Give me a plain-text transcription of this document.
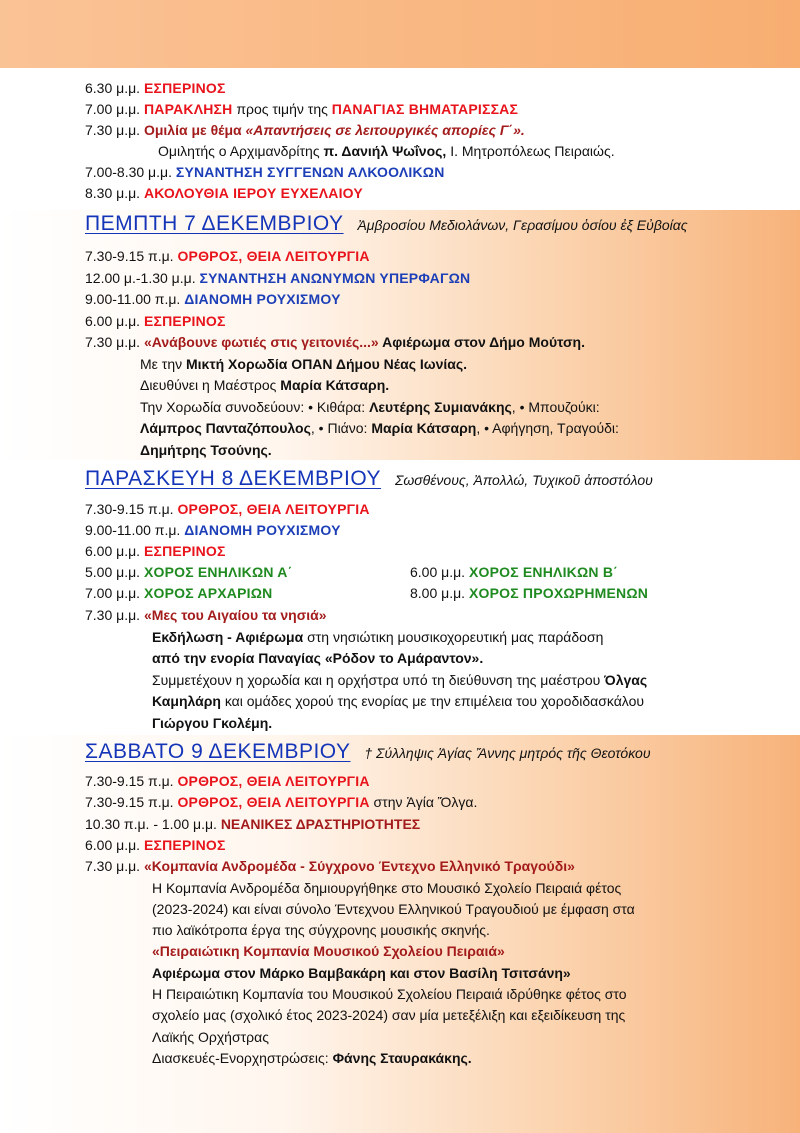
6.30 μ.μ. ΕΣΠΕΡΙΝΟΣ
7.00 μ.μ. ΠΑΡΑΚΛΗΣΗ προς τιμήν της ΠΑΝΑΓΙΑΣ ΒΗΜΑΤΑΡΙΣΣΑΣ
7.30 μ.μ. Ομιλία με θέμα «Απαντήσεις σε λειτουργικές απορίες Γ΄».
Ομιλητής ο Αρχιμανδρίτης π. Δανιήλ Ψωΐνος, Ι. Μητροπόλεως Πειραιώς.
7.00-8.30 μ.μ. ΣΥΝΑΝΤΗΣΗ ΣΥΓΓΕΝΩΝ ΑΛΚΟΟΛΙΚΩΝ
8.30 μ.μ. ΑΚΟΛΟΥΘΙΑ ΙΕΡΟΥ ΕΥΧΕΛΑΙΟΥ
ΠΕΜΠΤΗ 7 ΔΕΚΕΜΒΡΙΟΥ Ἀμβροσίου Μεδιολάνων, Γερασίμου ὁσίου ἐξ Εὐβοίας
7.30-9.15 π.μ. ΟΡΘΡΟΣ, ΘΕΙΑ ΛΕΙΤΟΥΡΓΙΑ
12.00 μ.-1.30 μ.μ. ΣΥΝΑΝΤΗΣΗ ΑΝΩΝΥΜΩΝ ΥΠΕΡΦΑΓΩΝ
9.00-11.00 π.μ. ΔΙΑΝΟΜΗ ΡΟΥΧΙΣΜΟΥ
6.00 μ.μ. ΕΣΠΕΡΙΝΟΣ
7.30 μ.μ. «Ανάβουνε φωτιές στις γειτονιές...» Αφιέρωμα στον Δήμο Μούτση.
Με την Μικτή Χορωδία ΟΠΑΝ Δήμου Νέας Ιωνίας.
Διευθύνει η Μαέστρος Μαρία Κάτσαρη.
Την Χορωδία συνοδεύουν: • Κιθάρα: Λευτέρης Συμιανάκης, • Μπουζούκι:
Λάμπρος Πανταζόπουλος, • Πιάνο: Μαρία Κάτσαρη, • Αφήγηση, Τραγούδι:
Δημήτρης Τσούνης.
ΠΑΡΑΣΚΕΥΗ 8 ΔΕΚΕΜΒΡΙΟΥ Σωσθένους, Ἀπολλώ, Τυχικοῦ ἀποστόλου
7.30-9.15 π.μ. ΟΡΘΡΟΣ, ΘΕΙΑ ΛΕΙΤΟΥΡΓΙΑ
9.00-11.00 π.μ. ΔΙΑΝΟΜΗ ΡΟΥΧΙΣΜΟΥ
6.00 μ.μ. ΕΣΠΕΡΙΝΟΣ
5.00 μ.μ. ΧΟΡΟΣ ΕΝΗΛΙΚΩΝ Α΄	6.00 μ.μ. ΧΟΡΟΣ ΕΝΗΛΙΚΩΝ Β΄
7.00 μ.μ. ΧΟΡΟΣ ΑΡΧΑΡΙΩΝ	8.00 μ.μ. ΧΟΡΟΣ ΠΡΟΧΩΡΗΜΕΝΩΝ
7.30 μ.μ. «Μες του Αιγαίου τα νησιά»
Εκδήλωση - Αφιέρωμα στη νησιώτικη μουσικοχορευτική μας παράδοση
από την ενορία Παναγίας «Ρόδον το Αμάραντον».
Συμμετέχουν η χορωδία και η ορχήστρα υπό τη διεύθυνση της μαέστρου Όλγας
Καμηλάρη και ομάδες χορού της ενορίας με την επιμέλεια του χοροδιδασκάλου
Γιώργου Γκολέμη.
ΣΑΒΒΑΤΟ 9 ΔΕΚΕΜΒΡΙΟΥ † Σύλληψις Ἁγίας Ἄννης μητρός τῆς Θεοτόκου
7.30-9.15 π.μ. ΟΡΘΡΟΣ, ΘΕΙΑ ΛΕΙΤΟΥΡΓΙΑ
7.30-9.15 π.μ. ΟΡΘΡΟΣ, ΘΕΙΑ ΛΕΙΤΟΥΡΓΙΑ στην Ἁγία Ὄλγα.
10.30 π.μ. - 1.00 μ.μ. ΝΕΑΝΙΚΕΣ ΔΡΑΣΤΗΡΙΟΤΗΤΕΣ
6.00 μ.μ. ΕΣΠΕΡΙΝΟΣ
7.30 μ.μ. «Κομπανία Ανδρομέδα - Σύγχρονο Έντεχνο Ελληνικό Τραγούδι»
Η Κομπανία Ανδρομέδα δημιουργήθηκε στο Μουσικό Σχολείο Πειραιά φέτος
(2023-2024) και είναι σύνολο Έντεχνου Ελληνικού Τραγουδιού με έμφαση στα
πιο λαϊκότροπα έργα της σύγχρονης μουσικής σκηνής.
«Πειραιώτικη Κομπανία Μουσικού Σχολείου Πειραιά»
Αφιέρωμα στον Μάρκο Βαμβακάρη και στον Βασίλη Τσιτσάνη»
Η Πειραιώτικη Κομπανία του Μουσικού Σχολείου Πειραιά ιδρύθηκε φέτος στο
σχολείο μας (σχολικό έτος 2023-2024) σαν μία μετεξέλιξη και εξειδίκευση της
Λαϊκής Ορχήστρας
Διασκευές-Ενορχηστρώσεις: Φάνης Σταυρακάκης.
